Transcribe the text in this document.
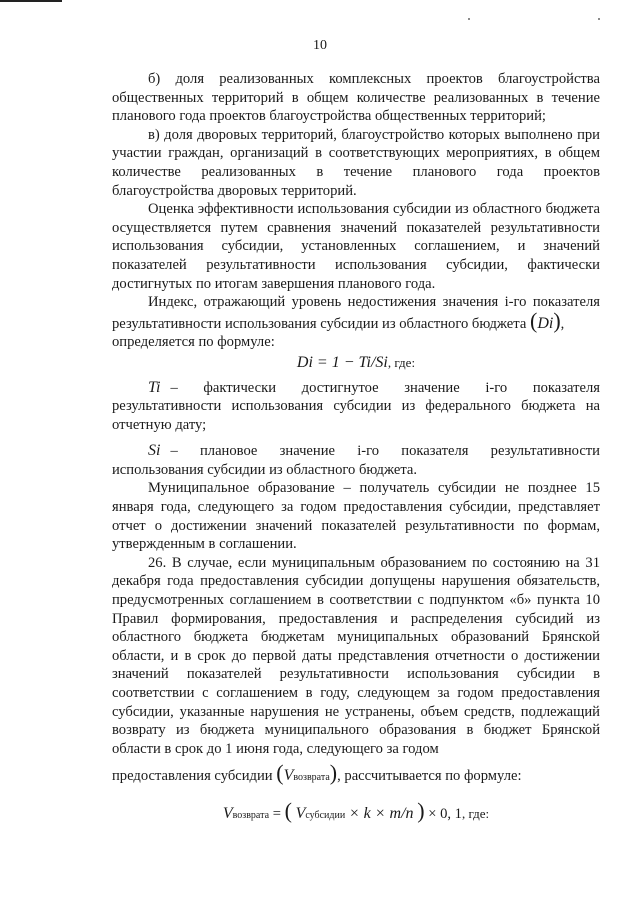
10

б) доля реализованных комплексных проектов благоустройства общественных территорий в общем количестве реализованных в течение планового года проектов благоустройства общественных территорий;

в) доля дворовых территорий, благоустройство которых выполнено при участии граждан, организаций в соответствующих мероприятиях, в общем количестве реализованных в течение планового года проектов благоустройства дворовых территорий.

Оценка эффективности использования субсидии из областного бюджета осуществляется путем сравнения значений показателей результативности использования субсидии, установленных соглашением, и значений показателей результативности использования субсидии, фактически достигнутых по итогам завершения планового года.

Индекс, отражающий уровень недостижения значения i-го показателя результативности использования субсидии из областного бюджета (Di),

определяется по формуле:

Di = 1 − Ti/Si, где:

Ti – фактически достигнутое значение i-го показателя результативности использования субсидии из федерального бюджета на отчетную дату;

Si – плановое значение i-го показателя результативности использования субсидии из областного бюджета.

Муниципальное образование – получатель субсидии не позднее 15 января года, следующего за годом предоставления субсидии, представляет отчет о достижении значений показателей результативности по формам, утвержденным в соглашении.

26. В случае, если муниципальным образованием по состоянию на 31 декабря года предоставления субсидии допущены нарушения обязательств, предусмотренных соглашением в соответствии с подпунктом «б» пункта 10 Правил формирования, предоставления и распределения субсидий из областного бюджета бюджетам муниципальных образований Брянской области, и в срок до первой даты представления отчетности о достижении значений показателей результативности использования субсидии в соответствии с соглашением в году, следующем за годом предоставления субсидии, указанные нарушения не устранены, объем средств, подлежащий возврату из бюджета муниципального образования в бюджет Брянской области в срок до 1 июня года, следующего за годом

предоставления субсидии (Vвозврата), рассчитывается по формуле:

Vвозврата = ( Vсубсидии × k × m/n ) × 0, 1, где:
